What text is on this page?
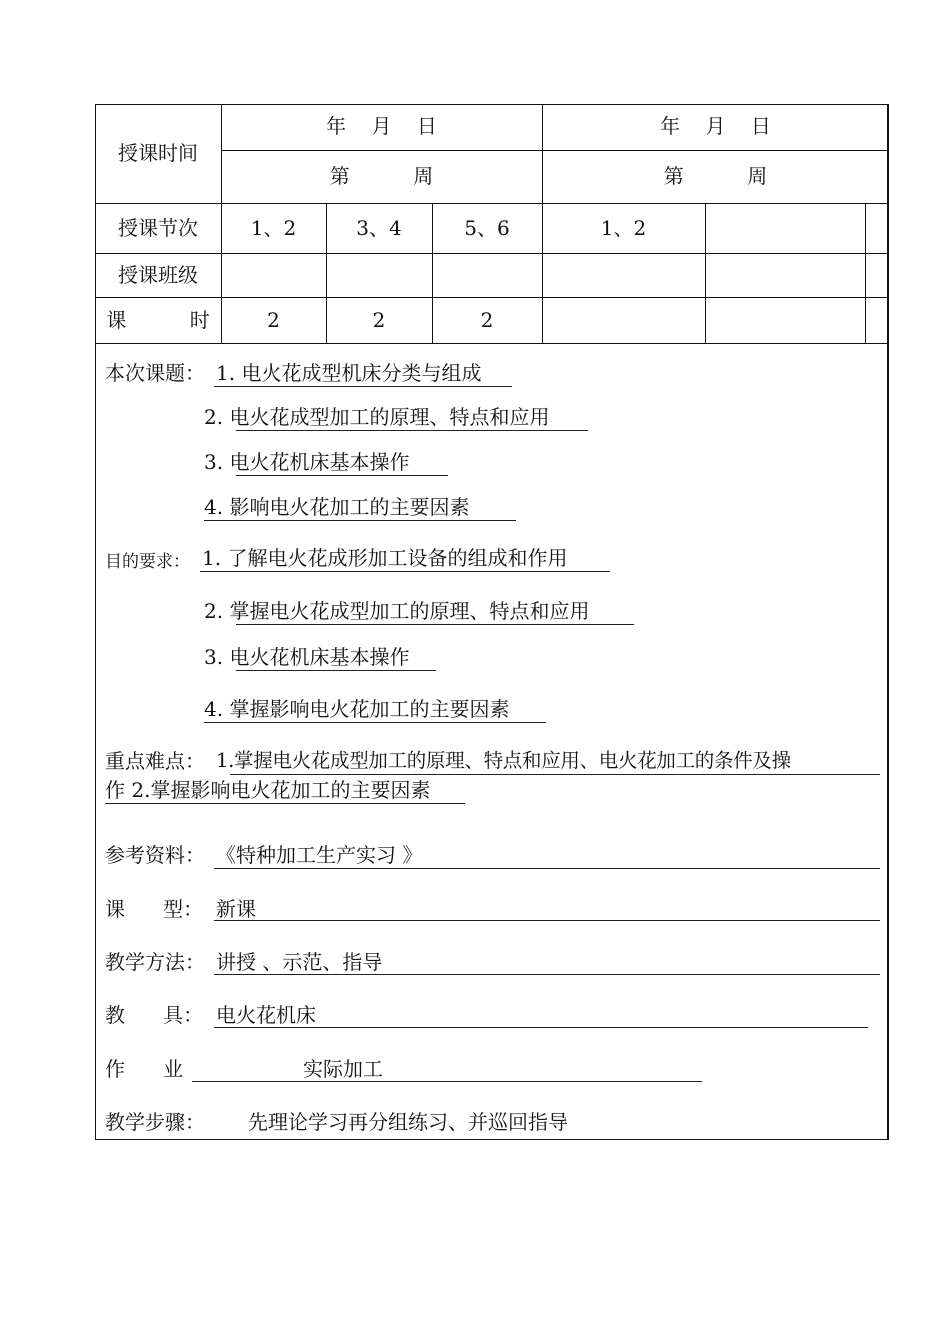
授课时间
年    月    日	年    月    日
第          周	第          周
授课节次	1、2	3、4	5、6	1、2
授课班级
课          时	2	2	2
本次课题： 1. 电火花成型机床分类与组成
2. 电火花成型加工的原理、特点和应用
3. 电火花机床基本操作
4. 影响电火花加工的主要因素
目的要求： 1. 了解电火花成形加工设备的组成和作用
2. 掌握电火花成型加工的原理、特点和应用
3. 电火花机床基本操作
4. 掌握影响电火花加工的主要因素
重点难点： 1.掌握电火花成型加工的原理、特点和应用、电火花加工的条件及操
作 2.掌握影响电火花加工的主要因素
参考资料： 《特种加工生产实习 》
课      型： 新课
教学方法： 讲授 、示范、指导
教      具： 电火花机床
作      业	实际加工
教学步骤： 先理论学习再分组练习、并巡回指导
